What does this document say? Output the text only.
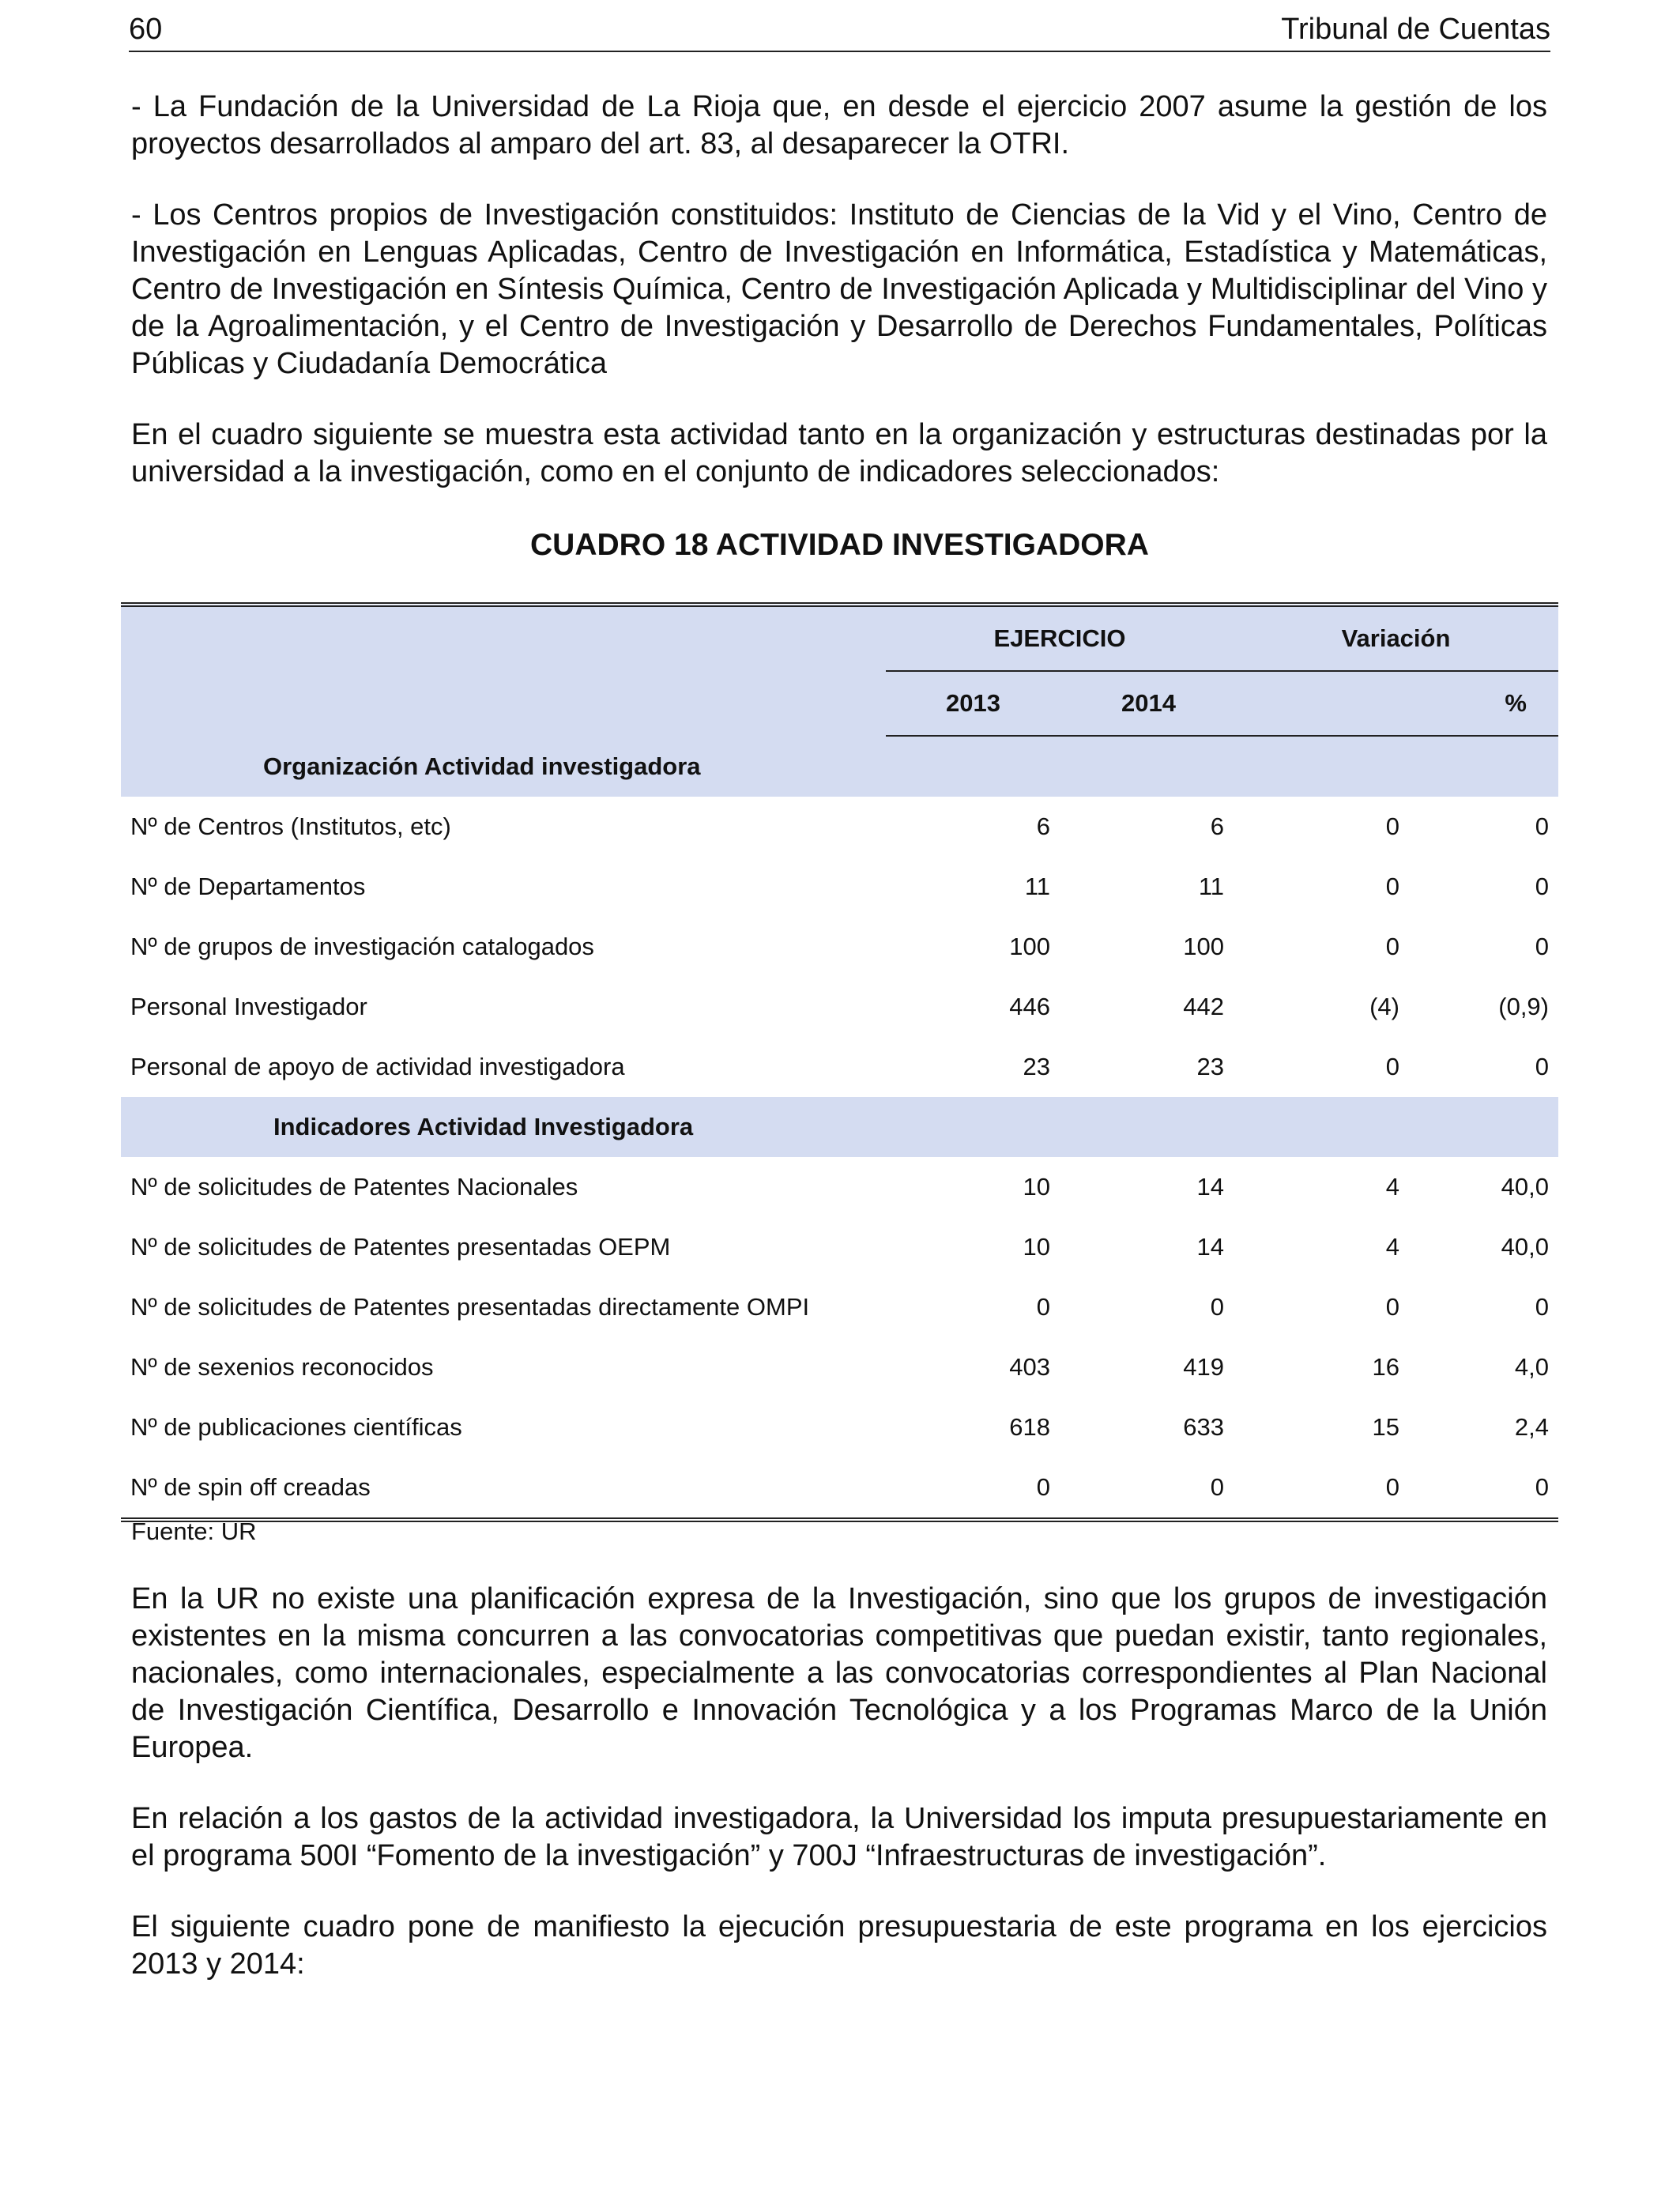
60	Tribunal de Cuentas

- La Fundación de la Universidad de La Rioja que, en desde el ejercicio 2007 asume la gestión de los proyectos desarrollados al amparo del art. 83, al desaparecer la OTRI.

- Los Centros propios de Investigación constituidos: Instituto de Ciencias de la Vid y el Vino, Centro de Investigación en Lenguas Aplicadas, Centro de Investigación en Informática, Estadística y Matemáticas, Centro de Investigación en Síntesis Química, Centro de Investigación Aplicada y Multidisciplinar del Vino y de la Agroalimentación, y el Centro de Investigación y Desarrollo de Derechos Fundamentales, Políticas Públicas y Ciudadanía Democrática

En el cuadro siguiente se muestra esta actividad tanto en la organización y estructuras destinadas por la universidad a la investigación, como en el conjunto de indicadores seleccionados:

CUADRO 18 ACTIVIDAD INVESTIGADORA
	EJERCICIO		Variación	
	2013	2014		%
Organización Actividad investigadora				
Nº de Centros (Institutos, etc)	6	6	0	0
Nº de Departamentos	11	11	0	0
Nº de grupos de investigación catalogados	100	100	0	0
Personal Investigador	446	442	(4)	(0,9)
Personal de apoyo de actividad investigadora	23	23	0	0
Indicadores Actividad Investigadora				
Nº de solicitudes de Patentes Nacionales	10	14	4	40,0
Nº de solicitudes de Patentes presentadas OEPM	10	14	4	40,0
Nº de solicitudes de Patentes presentadas directamente OMPI	0	0	0	0
Nº de sexenios reconocidos	403	419	16	4,0
Nº de publicaciones científicas	618	633	15	2,4
Nº de spin off creadas	0	0	0	0
Fuente: UR

En la UR no existe una planificación expresa de la Investigación, sino que los grupos de investigación existentes en la misma concurren a las convocatorias competitivas que puedan existir, tanto regionales, nacionales, como internacionales, especialmente a las convocatorias correspondientes al Plan Nacional de Investigación Científica, Desarrollo e Innovación Tecnológica y a los Programas Marco de la Unión Europea.

En relación a los gastos de la actividad investigadora, la Universidad los imputa presupuestariamente en el programa 500I “Fomento de la investigación” y 700J “Infraestructuras de investigación”.

El siguiente cuadro pone de manifiesto la ejecución presupuestaria de este programa en los ejercicios 2013 y 2014:
